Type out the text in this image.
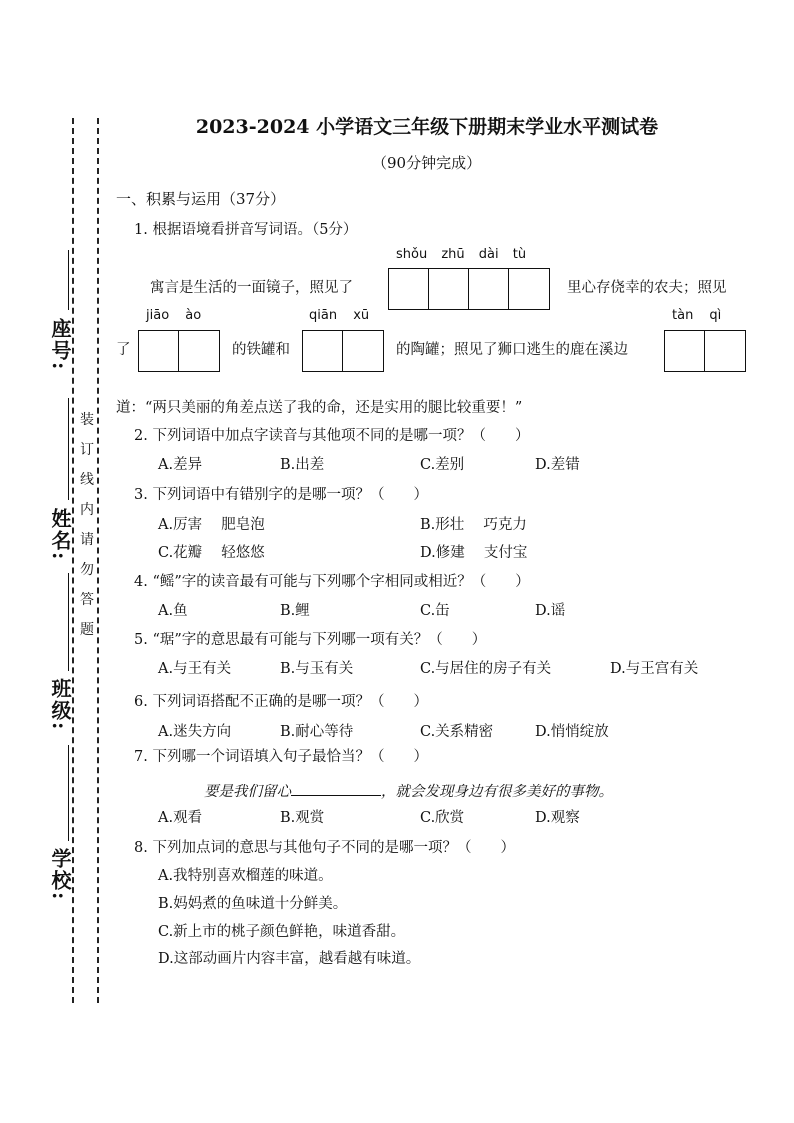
座号:
姓名:
班级:
学校:
装
订
线
内
请
勿
答
题
2023-2024 小学语文三年级下册期末学业水平测试卷
（90分钟完成）
一、积累与运用（37分）
1. 根据语境看拼音写词语。（5分）
shǒu zhū dài tù
寓言是生活的一面镜子，照见了	里心存侥幸的农夫；照见
jiāo ào	qiān xū	tàn qì
了	的铁罐和	的陶罐；照见了狮口逃生的鹿在溪边
道：“两只美丽的角差点送了我的命，还是实用的腿比较重要！”
2. 下列词语中加点字读音与其他项不同的是哪一项？（　　）
A.差异	B.出差	C.差别	D.差错
3. 下列词语中有错别字的是哪一项？（　　）
A.厉害　 肥皂泡	B.形壮　 巧克力
C.花瓣　 轻悠悠	D.修建　 支付宝
4. “鳐”字的读音最有可能与下列哪个字相同或相近？（　　）
A.鱼	B.鲤	C.缶	D.谣
5. “琚”字的意思最有可能与下列哪一项有关？（　　）
A.与王有关	B.与玉有关	C.与居住的房子有关	D.与王宫有关
6. 下列词语搭配不正确的是哪一项？（　　）
A.迷失方向	B.耐心等待	C.关系精密	D.悄悄绽放
7. 下列哪一个词语填入句子最恰当？（　　）
要是我们留心	，就会发现身边有很多美好的事物。
A.观看	B.观赏	C.欣赏	D.观察
8. 下列加点词的意思与其他句子不同的是哪一项？（　　）
A.我特别喜欢榴莲的味道。
B.妈妈煮的鱼味道十分鲜美。
C.新上市的桃子颜色鲜艳，味道香甜。
D.这部动画片内容丰富，越看越有味道。
